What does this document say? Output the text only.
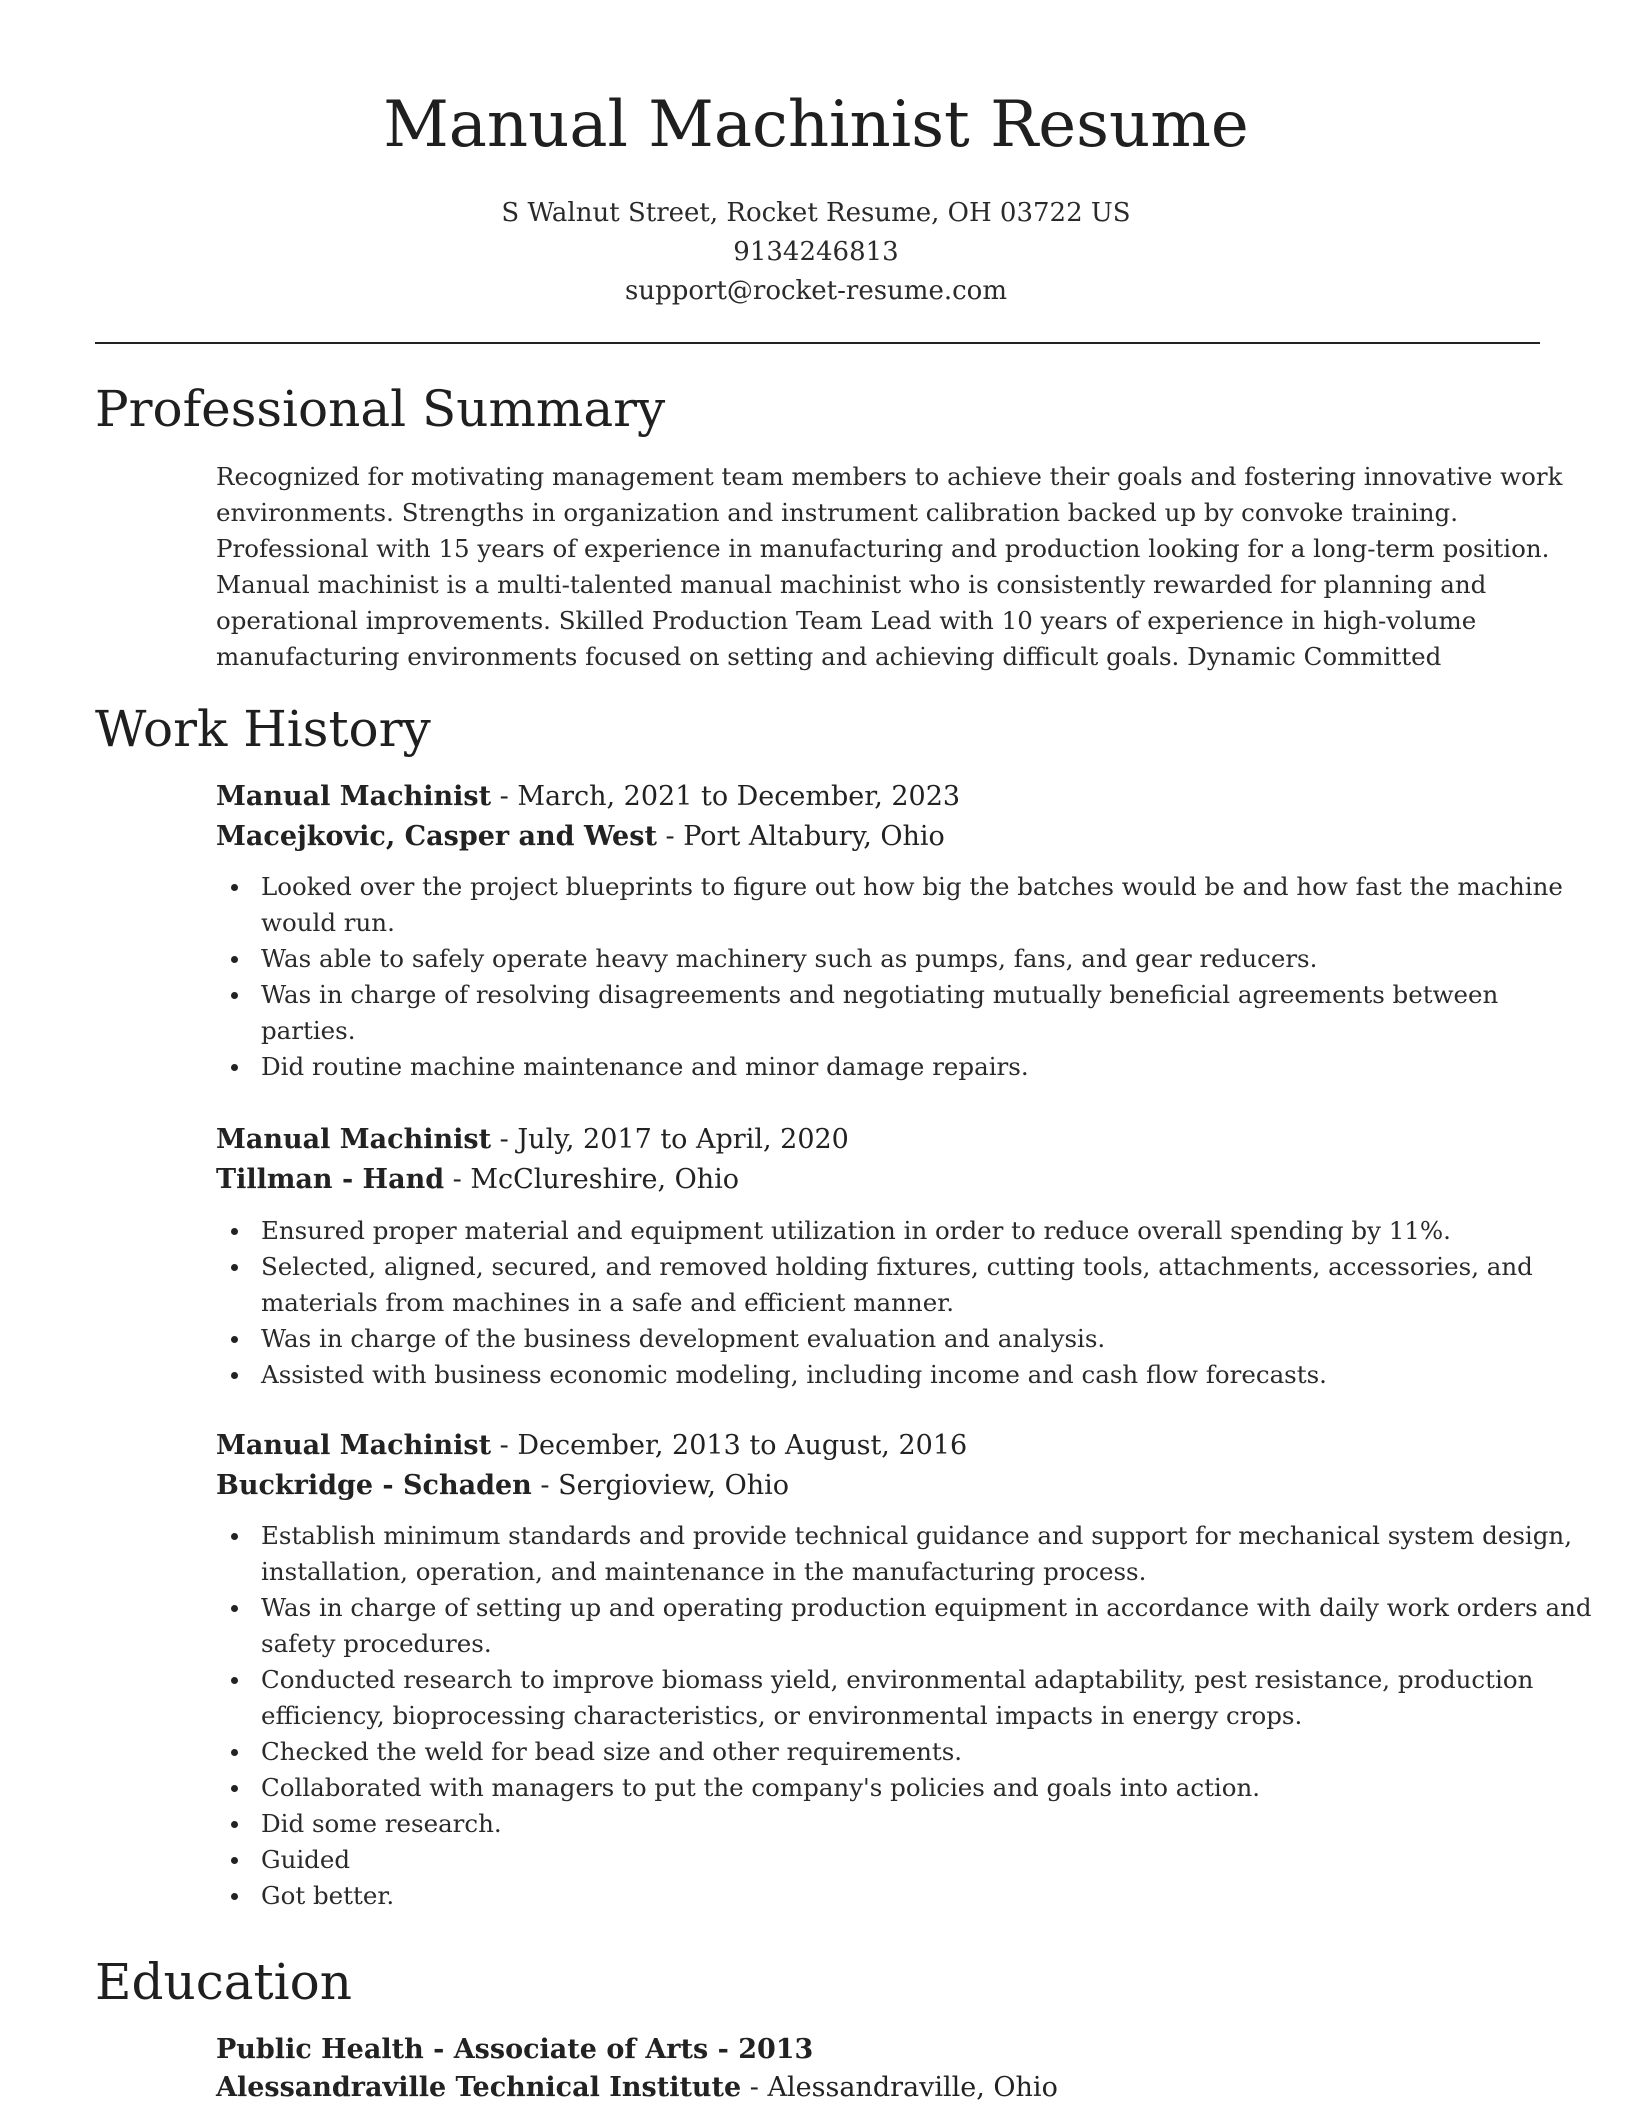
Manual Machinist Resume
S Walnut Street, Rocket Resume, OH 03722 US
9134246813
support@rocket-resume.com
Professional Summary
Recognized for motivating management team members to achieve their goals and fostering innovative work
environments. Strengths in organization and instrument calibration backed up by convoke training.
Professional with 15 years of experience in manufacturing and production looking for a long-term position.
Manual machinist is a multi-talented manual machinist who is consistently rewarded for planning and
operational improvements. Skilled Production Team Lead with 10 years of experience in high-volume
manufacturing environments focused on setting and achieving difficult goals. Dynamic Committed
Work History
Manual Machinist - March, 2021 to December, 2023
Macejkovic, Casper and West - Port Altabury, Ohio
Looked over the project blueprints to figure out how big the batches would be and how fast the machine
would run.
Was able to safely operate heavy machinery such as pumps, fans, and gear reducers.
Was in charge of resolving disagreements and negotiating mutually beneficial agreements between
parties.
Did routine machine maintenance and minor damage repairs.
Manual Machinist - July, 2017 to April, 2020
Tillman - Hand - McClureshire, Ohio
Ensured proper material and equipment utilization in order to reduce overall spending by 11%.
Selected, aligned, secured, and removed holding fixtures, cutting tools, attachments, accessories, and
materials from machines in a safe and efficient manner.
Was in charge of the business development evaluation and analysis.
Assisted with business economic modeling, including income and cash flow forecasts.
Manual Machinist - December, 2013 to August, 2016
Buckridge - Schaden - Sergioview, Ohio
Establish minimum standards and provide technical guidance and support for mechanical system design,
installation, operation, and maintenance in the manufacturing process.
Was in charge of setting up and operating production equipment in accordance with daily work orders and
safety procedures.
Conducted research to improve biomass yield, environmental adaptability, pest resistance, production
efficiency, bioprocessing characteristics, or environmental impacts in energy crops.
Checked the weld for bead size and other requirements.
Collaborated with managers to put the company's policies and goals into action.
Did some research.
Guided
Got better.
Education
Public Health - Associate of Arts - 2013
Alessandraville Technical Institute - Alessandraville, Ohio
